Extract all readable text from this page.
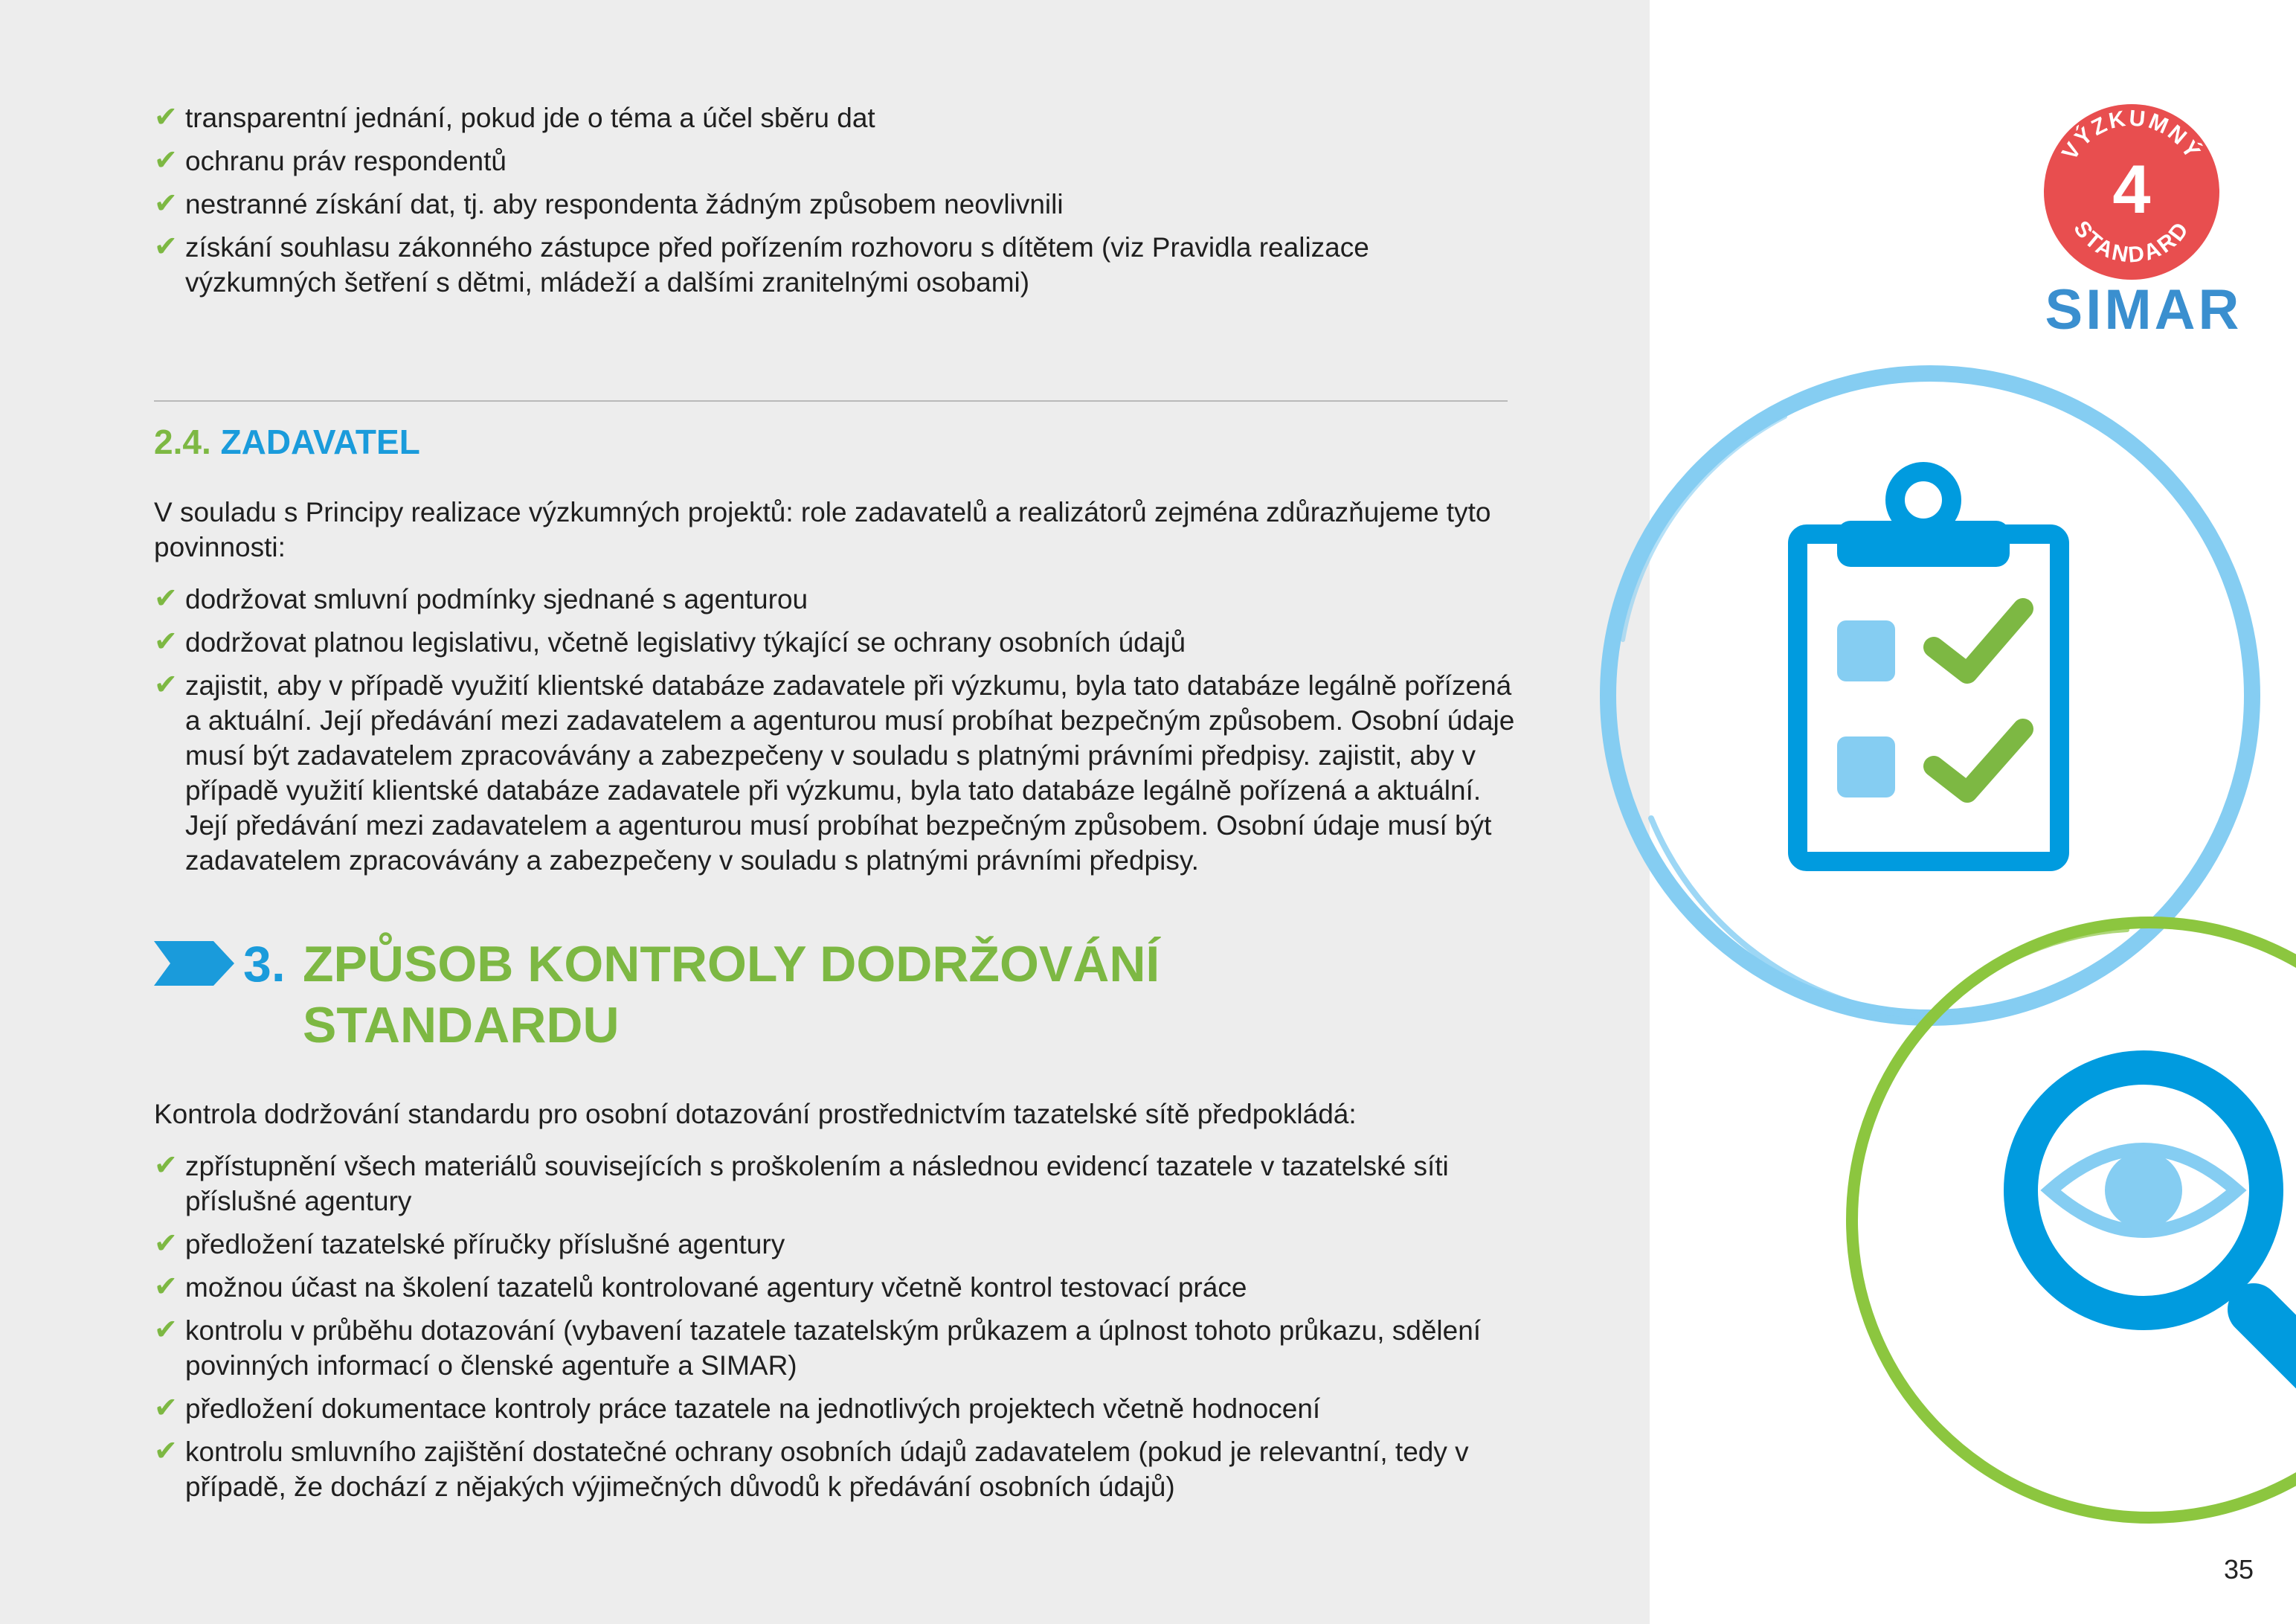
✔ transparentní jednání, pokud jde o téma a účel sběru dat
✔ ochranu práv respondentů
✔ nestranné získání dat, tj. aby respondenta žádným způsobem neovlivnili
✔ získání souhlasu zákonného zástupce před pořízením rozhovoru s dítětem (viz Pravidla realizace výzkumných šetření s dětmi, mládeží a dalšími zranitelnými osobami)
2.4. ZADAVATEL

V souladu s Principy realizace výzkumných projektů: role zadavatelů a realizátorů zejména zdůrazňujeme tyto povinnosti:

✔ dodržovat smluvní podmínky sjednané s agenturou
✔ dodržovat platnou legislativu, včetně legislativy týkající se ochrany osobních údajů
✔ zajistit, aby v případě využití klientské databáze zadavatele při výzkumu, byla tato databáze legálně pořízená a aktuální. Její předávání mezi zadavatelem a agenturou musí probíhat bezpečným způsobem. Osobní údaje musí být zadavatelem zpracovávány a zabezpečeny v souladu s platnými právními předpisy. zajistit, aby v případě využití klientské databáze zadavatele při výzkumu, byla tato databáze legálně pořízená a aktuální. Její předávání mezi zadavatelem a agenturou musí probíhat bezpečným způsobem. Osobní údaje musí být zadavatelem zpracovávány a zabezpečeny v souladu s platnými právními předpisy.
3. ZPŮSOB KONTROLY DODRŽOVÁNÍ
STANDARDU

Kontrola dodržování standardu pro osobní dotazování prostřednictvím tazatelské sítě předpokládá:

✔ zpřístupnění všech materiálů souvisejících s proškolením a následnou evidencí tazatele v tazatelské síti příslušné agentury
✔ předložení tazatelské příručky příslušné agentury
✔ možnou účast na školení tazatelů kontrolované agentury včetně kontrol testovací práce
✔ kontrolu v průběhu dotazování (vybavení tazatele tazatelským průkazem a úplnost tohoto průkazu, sdělení povinných informací o členské agentuře a SIMAR)
✔ předložení dokumentace kontroly práce tazatele na jednotlivých projektech včetně hodnocení
✔ kontrolu smluvního zajištění dostatečné ochrany osobních údajů zadavatelem (pokud je relevantní, tedy v případě, že dochází z nějakých výjimečných důvodů k předávání osobních údajů)
VÝZKUMNÝ
STANDARD
4
SIMAR
35
